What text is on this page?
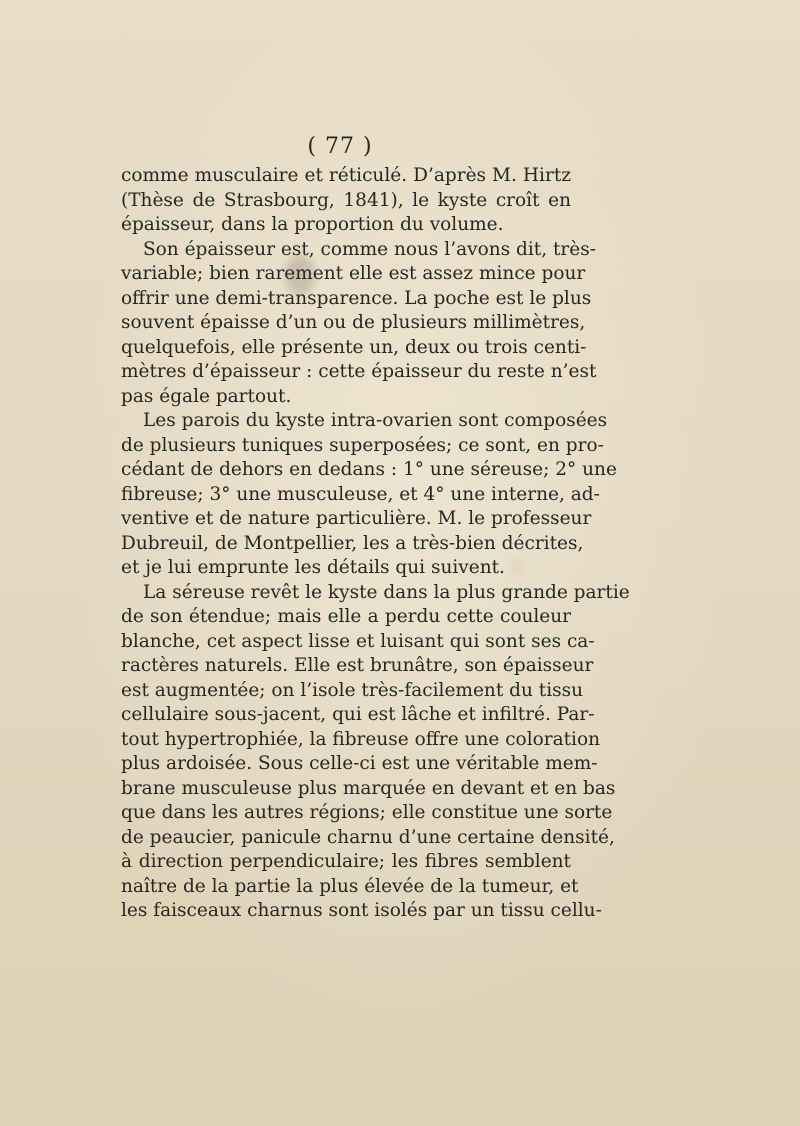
( 77 )
comme musculaire et réticulé. D’après M. Hirtz
(Thèse de Strasbourg, 1841), le kyste croît en
épaisseur, dans la proportion du volume.
Son épaisseur est, comme nous l’avons dit, très-
variable; bien rarement elle est assez mince pour
offrir une demi-transparence. La poche est le plus
souvent épaisse d’un ou de plusieurs millimètres,
quelquefois, elle présente un, deux ou trois centi-
mètres d’épaisseur : cette épaisseur du reste n’est
pas égale partout.
Les parois du kyste intra-ovarien sont composées
de plusieurs tuniques superposées; ce sont, en pro-
cédant de dehors en dedans : 1° une séreuse; 2° une
fibreuse; 3° une musculeuse, et 4° une interne, ad-
ventive et de nature particulière. M. le professeur
Dubreuil, de Montpellier, les a très-bien décrites,
et je lui emprunte les détails qui suivent.
La séreuse revêt le kyste dans la plus grande partie
de son étendue; mais elle a perdu cette couleur
blanche, cet aspect lisse et luisant qui sont ses ca-
ractères naturels. Elle est brunâtre, son épaisseur
est augmentée; on l’isole très-facilement du tissu
cellulaire sous-jacent, qui est lâche et infiltré. Par-
tout hypertrophiée, la fibreuse offre une coloration
plus ardoisée. Sous celle-ci est une véritable mem-
brane musculeuse plus marquée en devant et en bas
que dans les autres régions; elle constitue une sorte
de peaucier, panicule charnu d’une certaine densité,
à direction perpendiculaire; les fibres semblent
naître de la partie la plus élevée de la tumeur, et
les faisceaux charnus sont isolés par un tissu cellu-
